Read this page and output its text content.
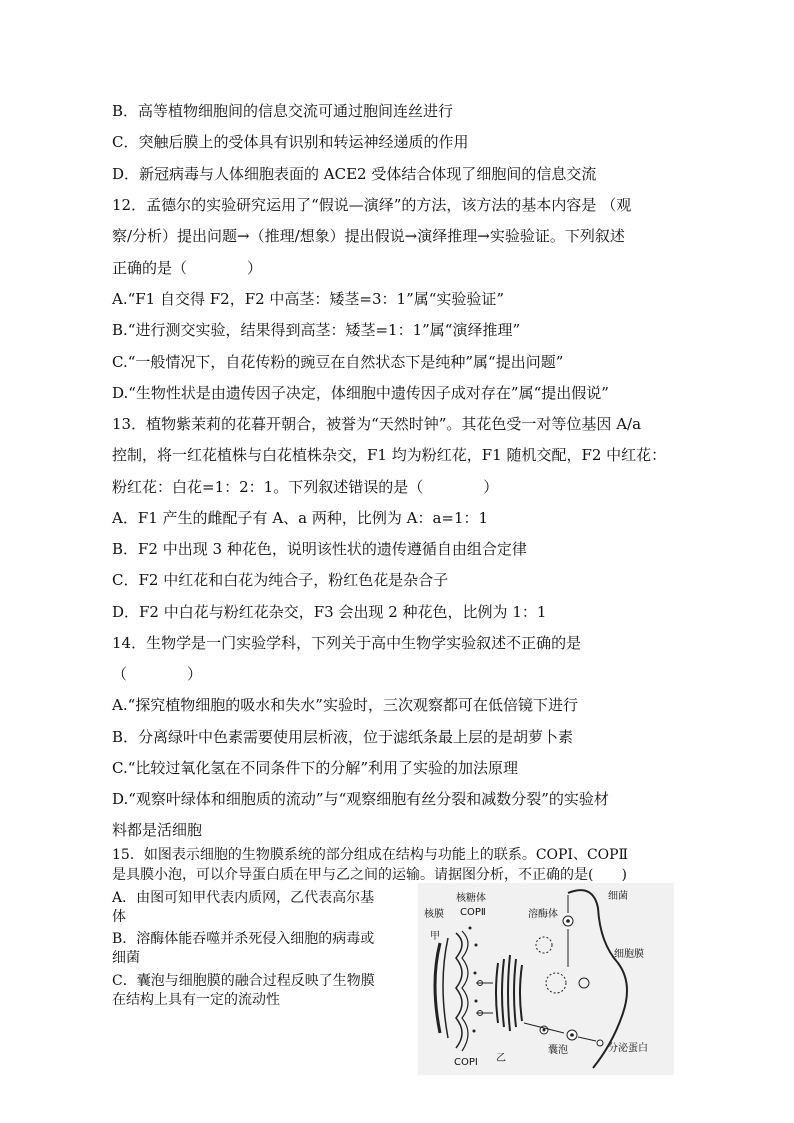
B．高等植物细胞间的信息交流可通过胞间连丝进行
C．突触后膜上的受体具有识别和转运神经递质的作用
D．新冠病毒与人体细胞表面的 ACE2 受体结合体现了细胞间的信息交流
12．孟德尔的实验研究运用了“假说—演绎”的方法，该方法的基本内容是 （观
察/分析）提出问题→（推理/想象）提出假说→演绎推理→实验验证。下列叙述
正确的是（　　　　）
A.“F1 自交得 F2，F2 中高茎：矮茎=3：1”属“实验验证”
B.“进行测交实验，结果得到高茎：矮茎=1：1”属“演绎推理”
C.“一般情况下，自花传粉的豌豆在自然状态下是纯种”属“提出问题”
D.“生物性状是由遗传因子决定，体细胞中遗传因子成对存在”属“提出假说”
13．植物紫茉莉的花暮开朝合，被誉为“天然时钟”。其花色受一对等位基因 A/a
控制，将一红花植株与白花植株杂交，F1 均为粉红花，F1 随机交配，F2 中红花：
粉红花：白花=1：2：1。下列叙述错误的是（　　　　）
A．F1 产生的雌配子有 A、a 两种，比例为 A：a=1：1
B．F2 中出现 3 种花色，说明该性状的遗传遵循自由组合定律
C．F2 中红花和白花为纯合子，粉红色花是杂合子
D．F2 中白花与粉红花杂交，F3 会出现 2 种花色，比例为 1：1
14．生物学是一门实验学科，下列关于高中生物学实验叙述不正确的是
（　　　　）
A.“探究植物细胞的吸水和失水”实验时，三次观察都可在低倍镜下进行
B．分离绿叶中色素需要使用层析液，位于滤纸条最上层的是胡萝卜素
C.“比较过氧化氢在不同条件下的分解”利用了实验的加法原理
D.“观察叶绿体和细胞质的流动”与“观察细胞有丝分裂和减数分裂”的实验材
料都是活细胞
15．如图表示细胞的生物膜系统的部分组成在结构与功能上的联系。COPⅠ、COPⅡ
是具膜小泡，可以介导蛋白质在甲与乙之间的运输。请据图分析，不正确的是(　　)
A．由图可知甲代表内质网，乙代表高尔基
体
B．溶酶体能吞噬并杀死侵入细胞的病毒或
细菌
C．囊泡与细胞膜的融合过程反映了生物膜
在结构上具有一定的流动性
核糖体
COPⅡ
核膜
甲
溶酶体
细菌
细胞膜
COPⅠ 乙
囊泡	分泌蛋白
